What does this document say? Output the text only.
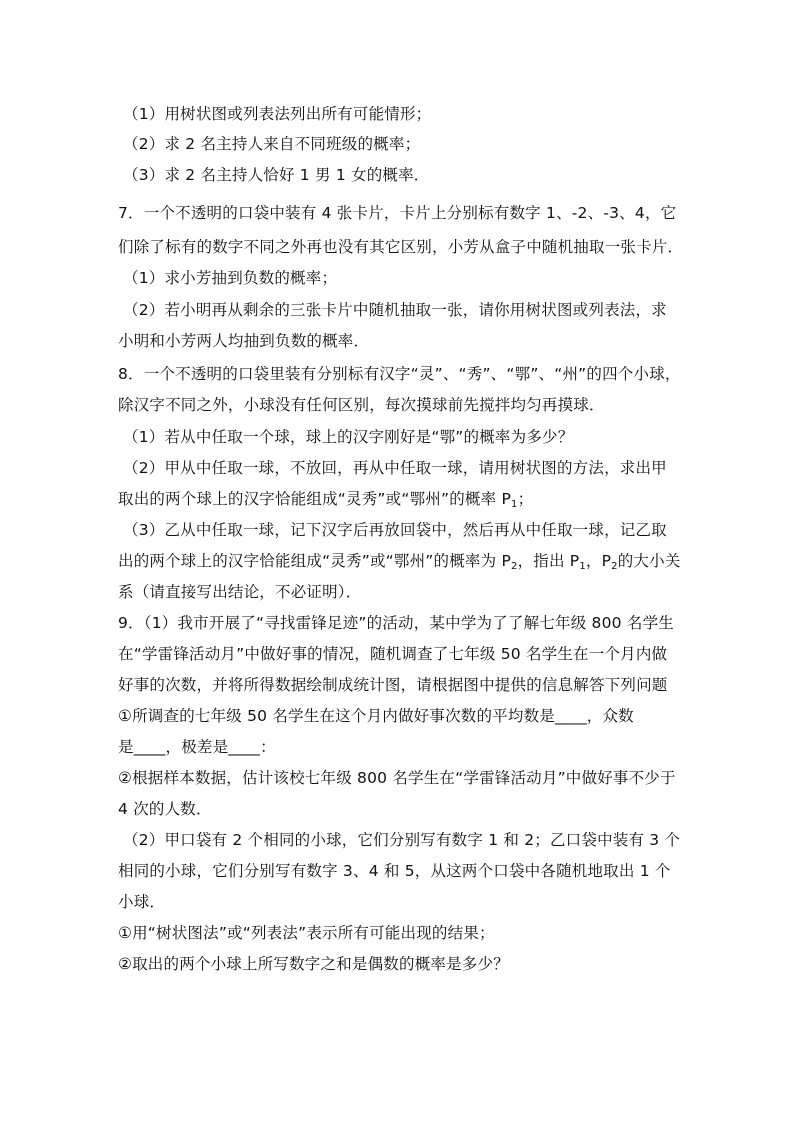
（1）用树状图或列表法列出所有可能情形；
（2）求 2 名主持人来自不同班级的概率；
（3）求 2 名主持人恰好 1 男 1 女的概率．
7．一个不透明的口袋中装有 4 张卡片，卡片上分别标有数字 1、-2、-3、4，它
们除了标有的数字不同之外再也没有其它区别，小芳从盒子中随机抽取一张卡片．
（1）求小芳抽到负数的概率；
（2）若小明再从剩余的三张卡片中随机抽取一张，请你用树状图或列表法，求
小明和小芳两人均抽到负数的概率．
8．一个不透明的口袋里装有分别标有汉字“灵”、“秀”、“鄂”、“州”的四个小球，
除汉字不同之外，小球没有任何区别，每次摸球前先搅拌均匀再摸球．
（1）若从中任取一个球，球上的汉字刚好是“鄂”的概率为多少？
（2）甲从中任取一球，不放回，再从中任取一球，请用树状图的方法，求出甲
取出的两个球上的汉字恰能组成“灵秀”或“鄂州”的概率 $P_1$；
（3）乙从中任取一球，记下汉字后再放回袋中，然后再从中任取一球，记乙取
出的两个球上的汉字恰能组成“灵秀”或“鄂州”的概率为 $P_2$，指出 $P_1$，$P_2$的大小关
系（请直接写出结论，不必证明）．
9．（1）我市开展了“寻找雷锋足迹”的活动，某中学为了了解七年级 800 名学生
在“学雷锋活动月”中做好事的情况，随机调查了七年级 50 名学生在一个月内做
好事的次数，并将所得数据绘制成统计图，请根据图中提供的信息解答下列问题
①所调查的七年级 50 名学生在这个月内做好事次数的平均数是____，众数
是____，极差是____：
②根据样本数据，估计该校七年级 800 名学生在“学雷锋活动月”中做好事不少于
4 次的人数．
（2）甲口袋有 2 个相同的小球，它们分别写有数字 1 和 2；乙口袋中装有 3 个
相同的小球，它们分别写有数字 3、4 和 5，从这两个口袋中各随机地取出 1 个
小球．
①用“树状图法”或“列表法”表示所有可能出现的结果；
②取出的两个小球上所写数字之和是偶数的概率是多少？
